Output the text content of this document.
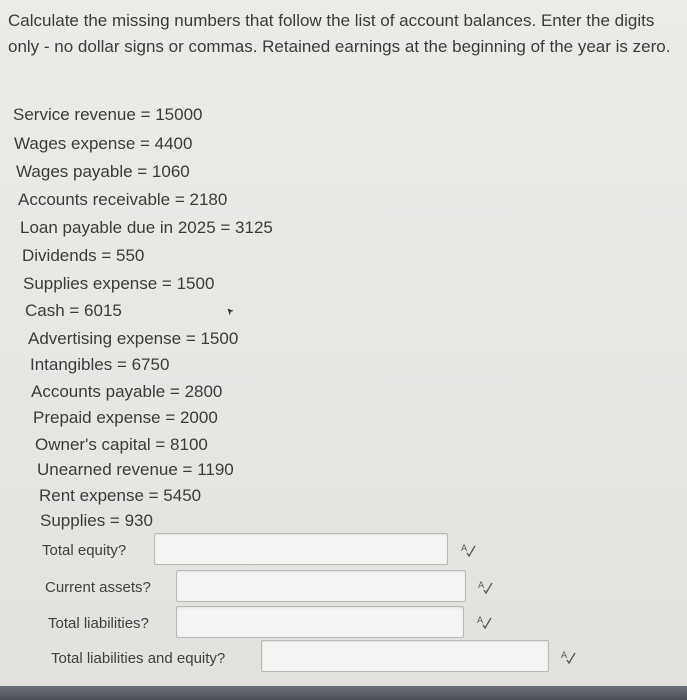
Calculate the missing numbers that follow the list of account balances. Enter the digits only - no dollar signs or commas. Retained earnings at the beginning of the year is zero.
Service revenue = 15000
Wages expense = 4400
Wages payable = 1060
Accounts receivable = 2180
Loan payable due in 2025 = 3125
Dividends = 550
Supplies expense = 1500
Cash = 6015
Advertising expense = 1500
Intangibles = 6750
Accounts payable = 2800
Prepaid expense = 2000
Owner's capital = 8100
Unearned revenue = 1190
Rent expense = 5450
Supplies = 930
Total equity?	A
Current assets?	A
Total liabilities?	A
Total liabilities and equity?	A
